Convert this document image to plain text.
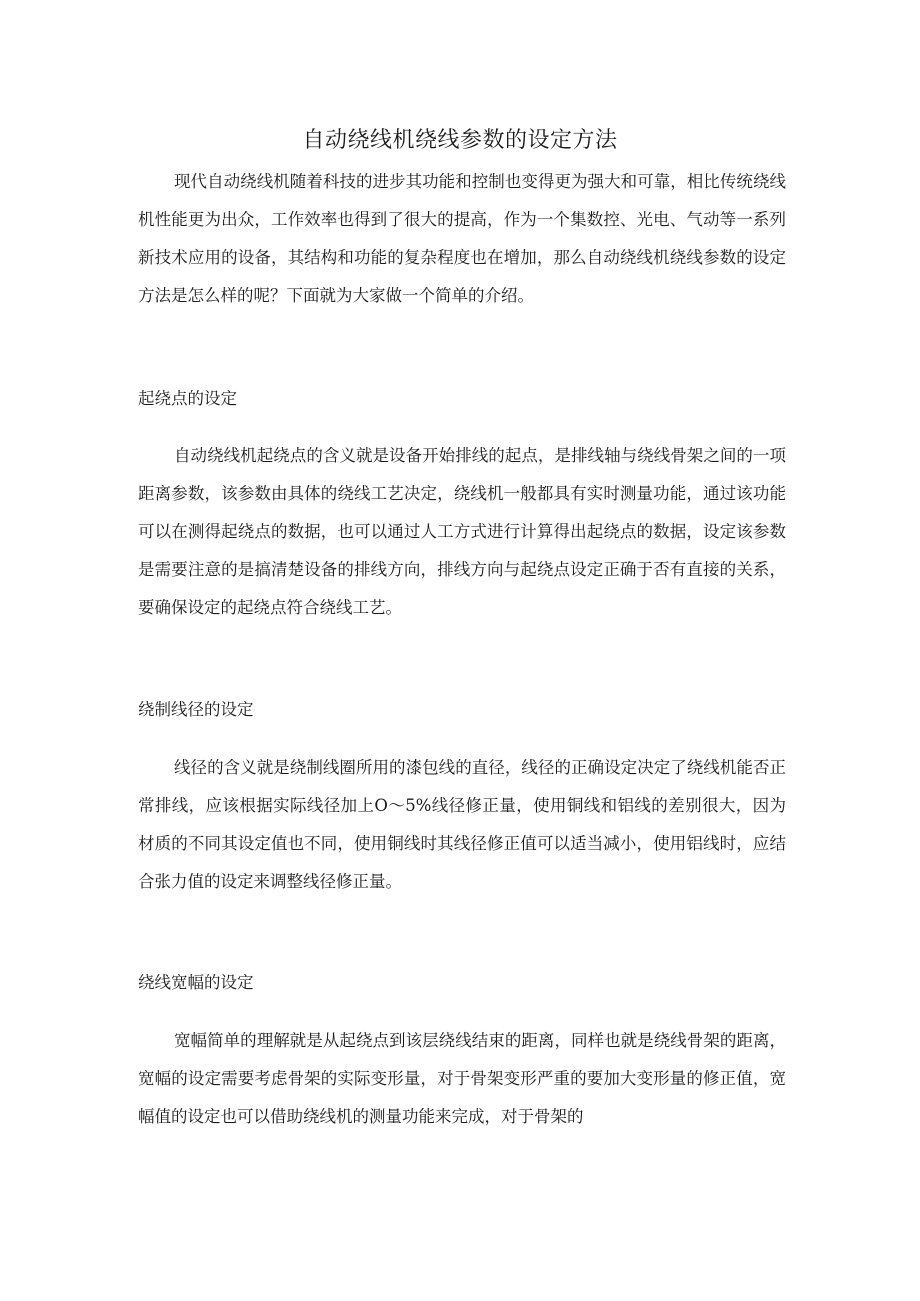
自动绕线机绕线参数的设定方法

现代自动绕线机随着科技的进步其功能和控制也变得更为强大和可靠，相比传统绕线机性能更为出众，工作效率也得到了很大的提高，作为一个集数控、光电、气动等一系列新技术应用的设备，其结构和功能的复杂程度也在增加，那么自动绕线机绕线参数的设定方法是怎么样的呢？下面就为大家做一个简单的介绍。

起绕点的设定

自动绕线机起绕点的含义就是设备开始排线的起点，是排线轴与绕线骨架之间的一项距离参数，该参数由具体的绕线工艺决定，绕线机一般都具有实时测量功能，通过该功能可以在测得起绕点的数据，也可以通过人工方式进行计算得出起绕点的数据，设定该参数是需要注意的是搞清楚设备的排线方向，排线方向与起绕点设定正确于否有直接的关系，要确保设定的起绕点符合绕线工艺。

绕制线径的设定

线径的含义就是绕制线圈所用的漆包线的直径，线径的正确设定决定了绕线机能否正常排线，应该根据实际线径加上O〜5%线径修正量，使用铜线和铝线的差别很大，因为材质的不同其设定值也不同，使用铜线时其线径修正值可以适当减小，使用铝线时，应结合张力值的设定来调整线径修正量。

绕线宽幅的设定

宽幅简单的理解就是从起绕点到该层绕线结束的距离，同样也就是绕线骨架的距离，宽幅的设定需要考虑骨架的实际变形量，对于骨架变形严重的要加大变形量的修正值，宽幅值的设定也可以借助绕线机的测量功能来完成，对于骨架的
